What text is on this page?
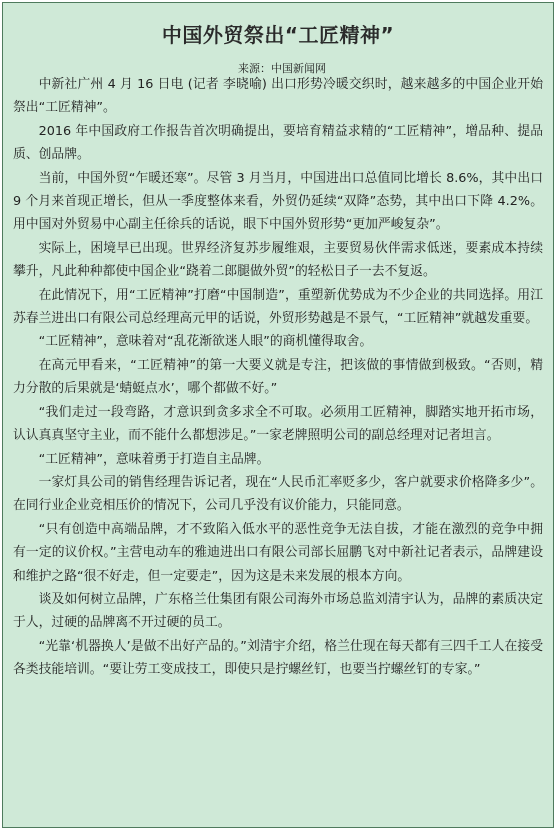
中国外贸祭出“工匠精神”
来源：中国新闻网

中新社广州 4 月 16 日电 (记者 李晓喻) 出口形势冷暖交织时，越来越多的中国企业开始祭出“工匠精神”。

2016 年中国政府工作报告首次明确提出，要培育精益求精的“工匠精神”，增品种、提品质、创品牌。

当前，中国外贸“乍暖还寒”。尽管 3 月当月，中国进出口总值同比增长 8.6%，其中出口 9 个月来首现正增长，但从一季度整体来看，外贸仍延续“双降”态势，其中出口下降 4.2%。用中国对外贸易中心副主任徐兵的话说，眼下中国外贸形势“更加严峻复杂”。

实际上，困境早已出现。世界经济复苏步履维艰，主要贸易伙伴需求低迷，要素成本持续攀升，凡此种种都使中国企业“跷着二郎腿做外贸”的轻松日子一去不复返。

在此情况下，用“工匠精神”打磨“中国制造”，重塑新优势成为不少企业的共同选择。用江苏春兰进出口有限公司总经理高元甲的话说，外贸形势越是不景气，“工匠精神”就越发重要。

“工匠精神”，意味着对“乱花渐欲迷人眼”的商机懂得取舍。

在高元甲看来，“工匠精神”的第一大要义就是专注，把该做的事情做到极致。“否则，精力分散的后果就是‘蜻蜓点水’，哪个都做不好。”

“我们走过一段弯路，才意识到贪多求全不可取。必须用工匠精神，脚踏实地开拓市场，认认真真坚守主业，而不能什么都想涉足。”一家老牌照明公司的副总经理对记者坦言。

“工匠精神”，意味着勇于打造自主品牌。

一家灯具公司的销售经理告诉记者，现在“人民币汇率贬多少，客户就要求价格降多少”。在同行业企业竞相压价的情况下，公司几乎没有议价能力，只能同意。

“只有创造中高端品牌，才不致陷入低水平的恶性竞争无法自拔，才能在激烈的竞争中拥有一定的议价权。”主营电动车的雅迪进出口有限公司部长屈鹏飞对中新社记者表示，品牌建设和维护之路“很不好走，但一定要走”，因为这是未来发展的根本方向。

谈及如何树立品牌，广东格兰仕集团有限公司海外市场总监刘清宇认为，品牌的素质决定于人，过硬的品牌离不开过硬的员工。

“光靠‘机器换人’是做不出好产品的。”刘清宇介绍，格兰仕现在每天都有三四千工人在接受各类技能培训。“要让劳工变成技工，即使只是拧螺丝钉，也要当拧螺丝钉的专家。”
